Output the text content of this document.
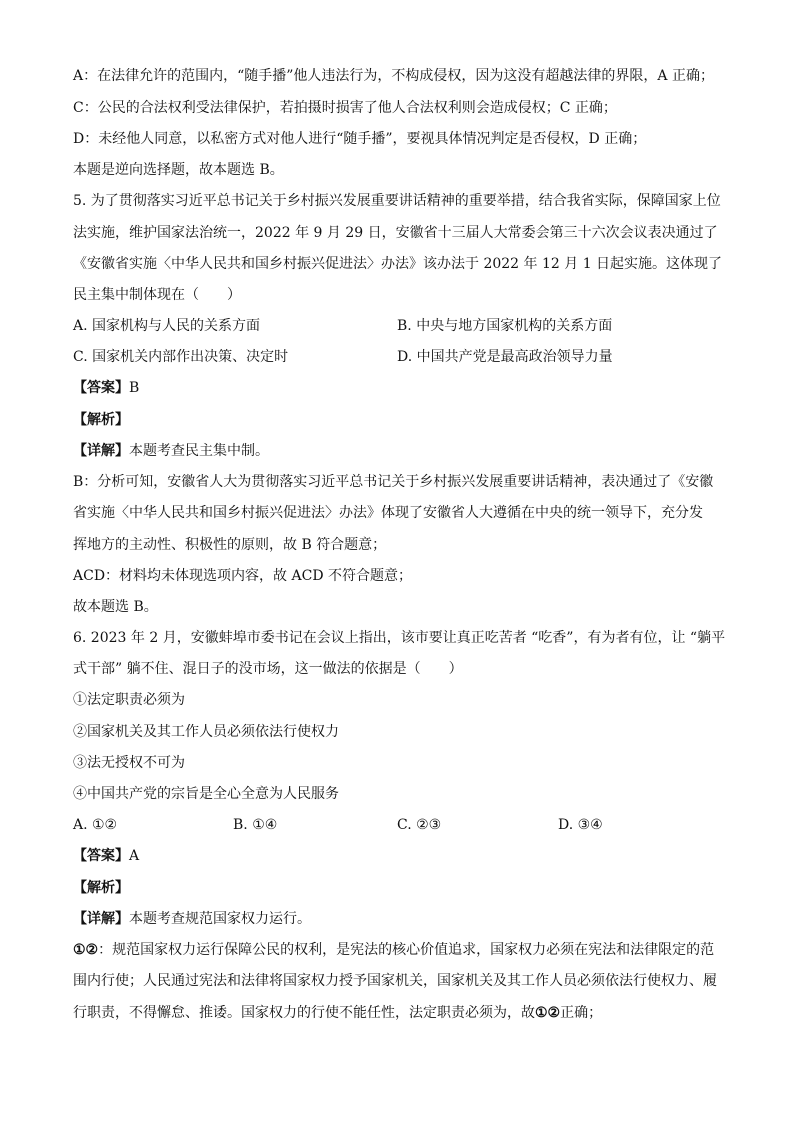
A：在法律允许的范围内，“随手播”他人违法行为，不构成侵权，因为这没有超越法律的界限，A 正确；
C：公民的合法权利受法律保护，若拍摄时损害了他人合法权利则会造成侵权；C 正确；
D：未经他人同意，以私密方式对他人进行“随手播”，要视具体情况判定是否侵权，D 正确；
本题是逆向选择题，故本题选 B。
5. 为了贯彻落实习近平总书记关于乡村振兴发展重要讲话精神的重要举措，结合我省实际，保障国家上位
法实施，维护国家法治统一，2022 年 9 月 29 日，安徽省十三届人大常委会第三十六次会议表决通过了
《安徽省实施〈中华人民共和国乡村振兴促进法〉办法》该办法于 2022 年 12 月 1 日起实施。这体现了
民主集中制体现在（　　）
A. 国家机构与人民的关系方面	B. 中央与地方国家机构的关系方面
C. 国家机关内部作出决策、决定时	D. 中国共产党是最高政治领导力量
【答案】B
【解析】
【详解】本题考查民主集中制。
B：分析可知，安徽省人大为贯彻落实习近平总书记关于乡村振兴发展重要讲话精神，表决通过了《安徽
省实施〈中华人民共和国乡村振兴促进法〉办法》体现了安徽省人大遵循在中央的统一领导下，充分发
挥地方的主动性、积极性的原则，故 B 符合题意；
ACD：材料均未体现选项内容，故 ACD 不符合题意；
故本题选 B。
6. 2023 年 2 月，安徽蚌埠市委书记在会议上指出，该市要让真正吃苦者 “吃香”，有为者有位，让 “躺平
式干部” 躺不住、混日子的没市场，这一做法的依据是（　　）
①法定职责必须为
②国家机关及其工作人员必须依法行使权力
③法无授权不可为
④中国共产党的宗旨是全心全意为人民服务
A. ①②	B. ①④	C. ②③	D. ③④
【答案】A
【解析】
【详解】本题考查规范国家权力运行。
①②：规范国家权力运行保障公民的权利，是宪法的核心价值追求，国家权力必须在宪法和法律限定的范
围内行使；人民通过宪法和法律将国家权力授予国家机关，国家机关及其工作人员必须依法行使权力、履
行职责，不得懈怠、推诿。国家权力的行使不能任性，法定职责必须为，故①②正确；
